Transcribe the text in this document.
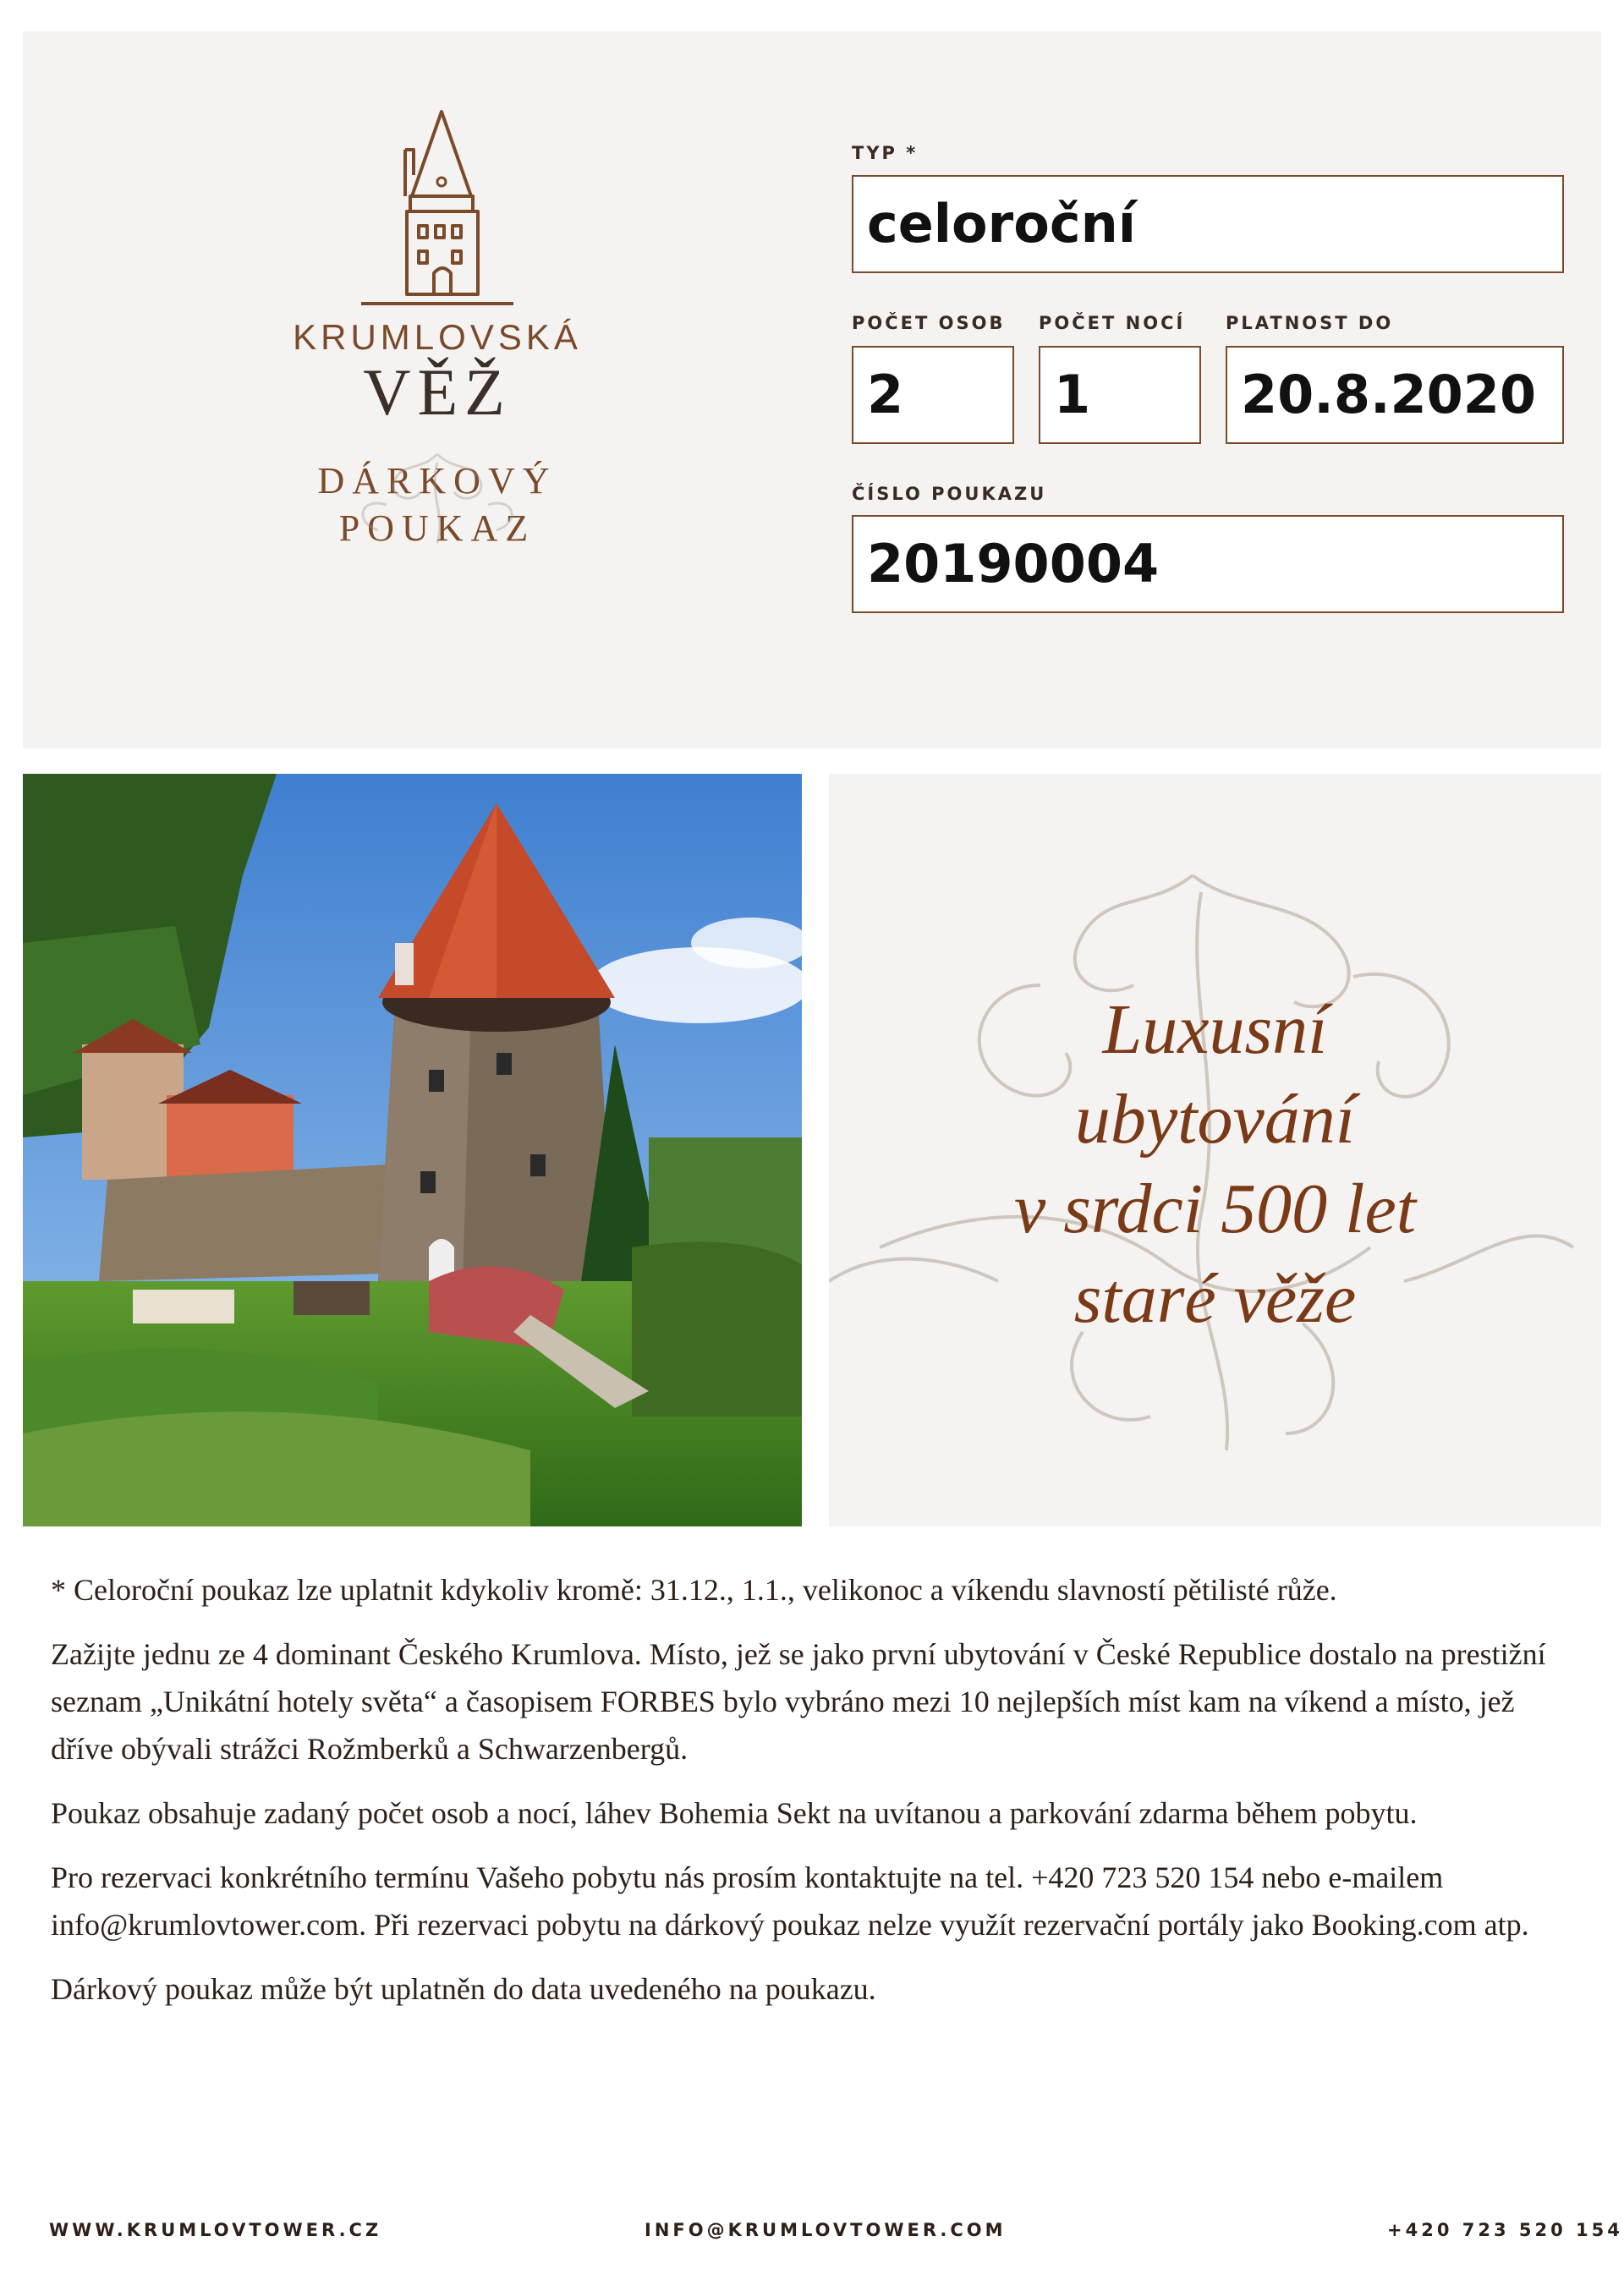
KRUMLOVSKÁ
VĚŽ
DÁRKOVÝ
POUKAZ
TYP *
celoroční
POČET OSOB
2
POČET NOCÍ
1
PLATNOST DO
20.8.2020
ČÍSLO POUKAZU
20190004
Luxusní
ubytování
v srdci 500 let
staré věže

* Celoroční poukaz lze uplatnit kdykoliv kromě: 31.12., 1.1., velikonoc a víkendu slavností pětilisté růže.

Zažijte jednu ze 4 dominant Českého Krumlova. Místo, jež se jako první ubytování v České Republice dostalo na prestižní seznam „Unikátní hotely světa“ a časopisem FORBES bylo vybráno mezi 10 nejlepších míst kam na víkend a místo, jež dříve obývali strážci Rožmberků a Schwarzenbergů.

Poukaz obsahuje zadaný počet osob a nocí, láhev Bohemia Sekt na uvítanou a parkování zdarma během pobytu.

Pro rezervaci konkrétního termínu Vašeho pobytu nás prosím kontaktujte na tel. +420 723 520 154 nebo e-mailem info@krumlovtower.com. Při rezervaci pobytu na dárkový poukaz nelze využít rezervační portály jako Booking.com atp.

Dárkový poukaz může být uplatněn do data uvedeného na poukazu.

WWW.KRUMLOVTOWER.CZ	INFO@KRUMLOVTOWER.COM	+420 723 520 154
